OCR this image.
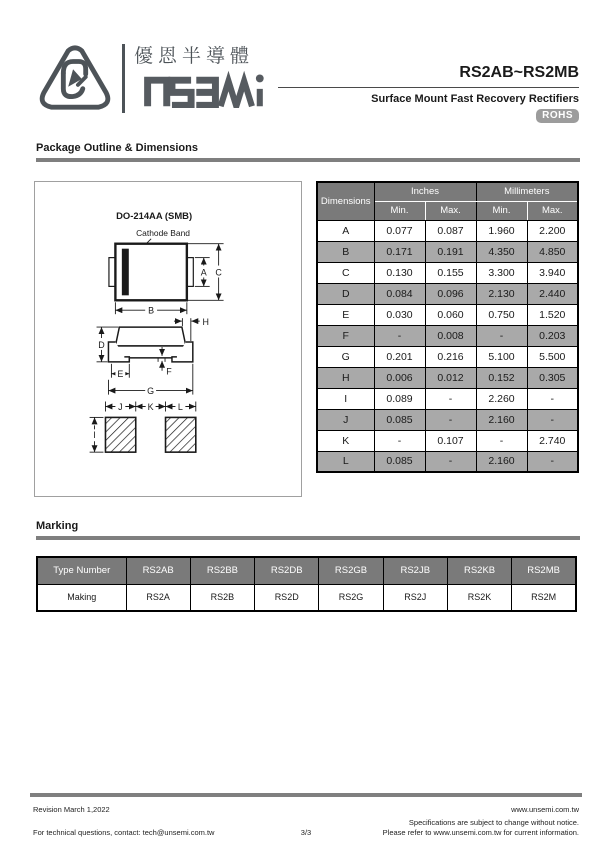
優恩半導體
RS2AB~RS2MB
Surface Mount Fast Recovery Rectifiers
ROHS
Package Outline & Dimensions
DO-214AA (SMB)
Cathode Band
A C
B
H
D
E	F
G
J	K	L
I
Dimensions	Inches		Millimeters	
	Min.	Max.	Min.	Max.
A	0.077	0.087	1.960	2.200
B	0.171	0.191	4.350	4.850
C	0.130	0.155	3.300	3.940
D	0.084	0.096	2.130	2.440
E	0.030	0.060	0.750	1.520
F	-	0.008	-	0.203
G	0.201	0.216	5.100	5.500
H	0.006	0.012	0.152	0.305
I	0.089	-	2.260	-
J	0.085	-	2.160	-
K	-	0.107	-	2.740
L	0.085	-	2.160	-
Marking
Type Number	RS2AB	RS2BB	RS2DB	RS2GB	RS2JB	RS2KB	RS2MB
Making	RS2A	RS2B	RS2D	RS2G	RS2J	RS2K	RS2M
Revision March 1,2022	www.unsemi.com.tw
Specifications are subject to change without notice.
For technical questions, contact: tech@unsemi.com.tw	3/3	Please refer to www.unsemi.com.tw for current information.
